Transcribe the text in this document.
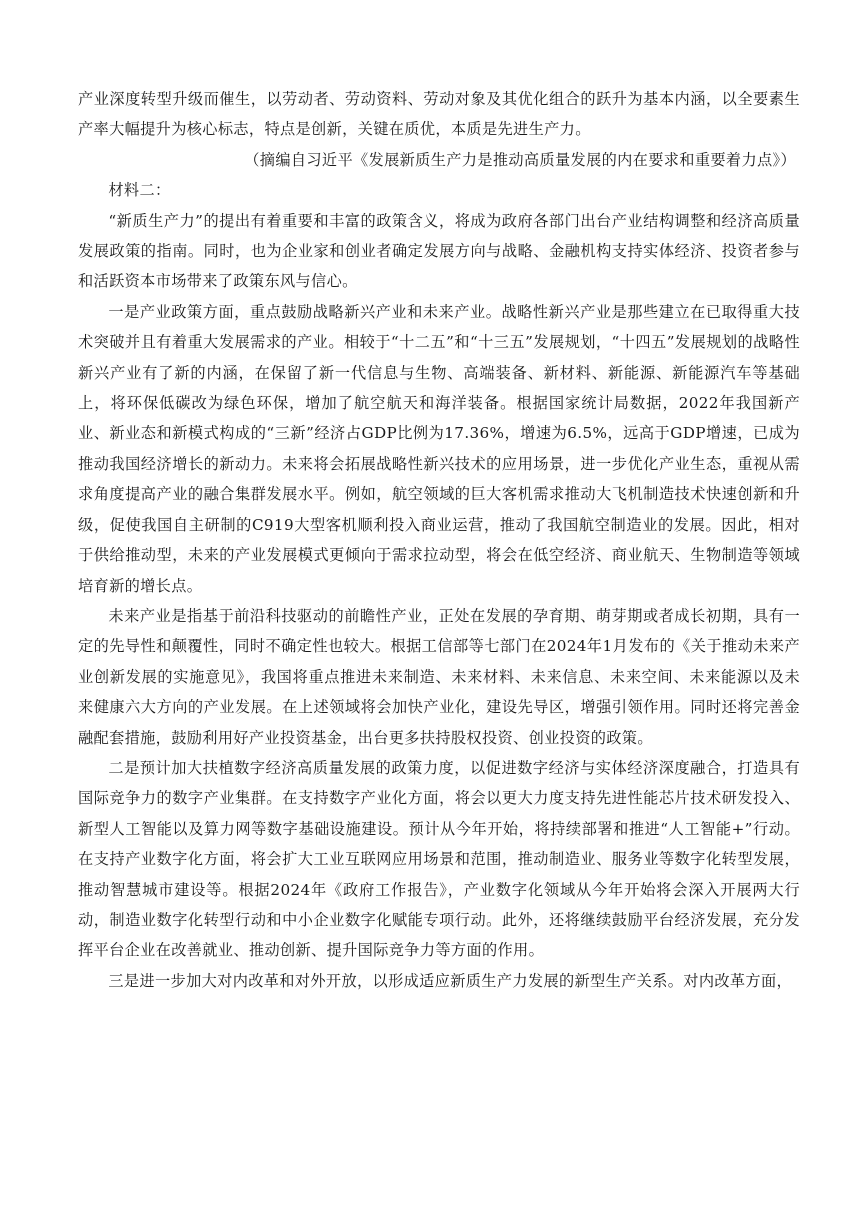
产业深度转型升级而催生，以劳动者、劳动资料、劳动对象及其优化组合的跃升为基本内涵，以全要素生产率大幅提升为核心标志，特点是创新，关键在质优，本质是先进生产力。

（摘编自习近平《发展新质生产力是推动高质量发展的内在要求和重要着力点》）

材料二：

“新质生产力”的提出有着重要和丰富的政策含义，将成为政府各部门出台产业结构调整和经济高质量发展政策的指南。同时，也为企业家和创业者确定发展方向与战略、金融机构支持实体经济、投资者参与和活跃资本市场带来了政策东风与信心。

一是产业政策方面，重点鼓励战略新兴产业和未来产业。战略性新兴产业是那些建立在已取得重大技术突破并且有着重大发展需求的产业。相较于“十二五”和“十三五”发展规划，“十四五”发展规划的战略性新兴产业有了新的内涵，在保留了新一代信息与生物、高端装备、新材料、新能源、新能源汽车等基础上，将环保低碳改为绿色环保，增加了航空航天和海洋装备。根据国家统计局数据，2022年我国新产业、新业态和新模式构成的“三新”经济占GDP比例为17.36%，增速为6.5%，远高于GDP增速，已成为推动我国经济增长的新动力。未来将会拓展战略性新兴技术的应用场景，进一步优化产业生态，重视从需求角度提高产业的融合集群发展水平。例如，航空领域的巨大客机需求推动大飞机制造技术快速创新和升级，促使我国自主研制的C919大型客机顺利投入商业运营，推动了我国航空制造业的发展。因此，相对于供给推动型，未来的产业发展模式更倾向于需求拉动型，将会在低空经济、商业航天、生物制造等领域培育新的增长点。

未来产业是指基于前沿科技驱动的前瞻性产业，正处在发展的孕育期、萌芽期或者成长初期，具有一定的先导性和颠覆性，同时不确定性也较大。根据工信部等七部门在2024年1月发布的《关于推动未来产业创新发展的实施意见》，我国将重点推进未来制造、未来材料、未来信息、未来空间、未来能源以及未来健康六大方向的产业发展。在上述领域将会加快产业化，建设先导区，增强引领作用。同时还将完善金融配套措施，鼓励利用好产业投资基金，出台更多扶持股权投资、创业投资的政策。

二是预计加大扶植数字经济高质量发展的政策力度，以促进数字经济与实体经济深度融合，打造具有国际竞争力的数字产业集群。在支持数字产业化方面，将会以更大力度支持先进性能芯片技术研发投入、新型人工智能以及算力网等数字基础设施建设。预计从今年开始，将持续部署和推进“人工智能+”行动。在支持产业数字化方面，将会扩大工业互联网应用场景和范围，推动制造业、服务业等数字化转型发展，推动智慧城市建设等。根据2024年《政府工作报告》，产业数字化领域从今年开始将会深入开展两大行动，制造业数字化转型行动和中小企业数字化赋能专项行动。此外，还将继续鼓励平台经济发展，充分发挥平台企业在改善就业、推动创新、提升国际竞争力等方面的作用。

三是进一步加大对内改革和对外开放，以形成适应新质生产力发展的新型生产关系。对内改革方面，
